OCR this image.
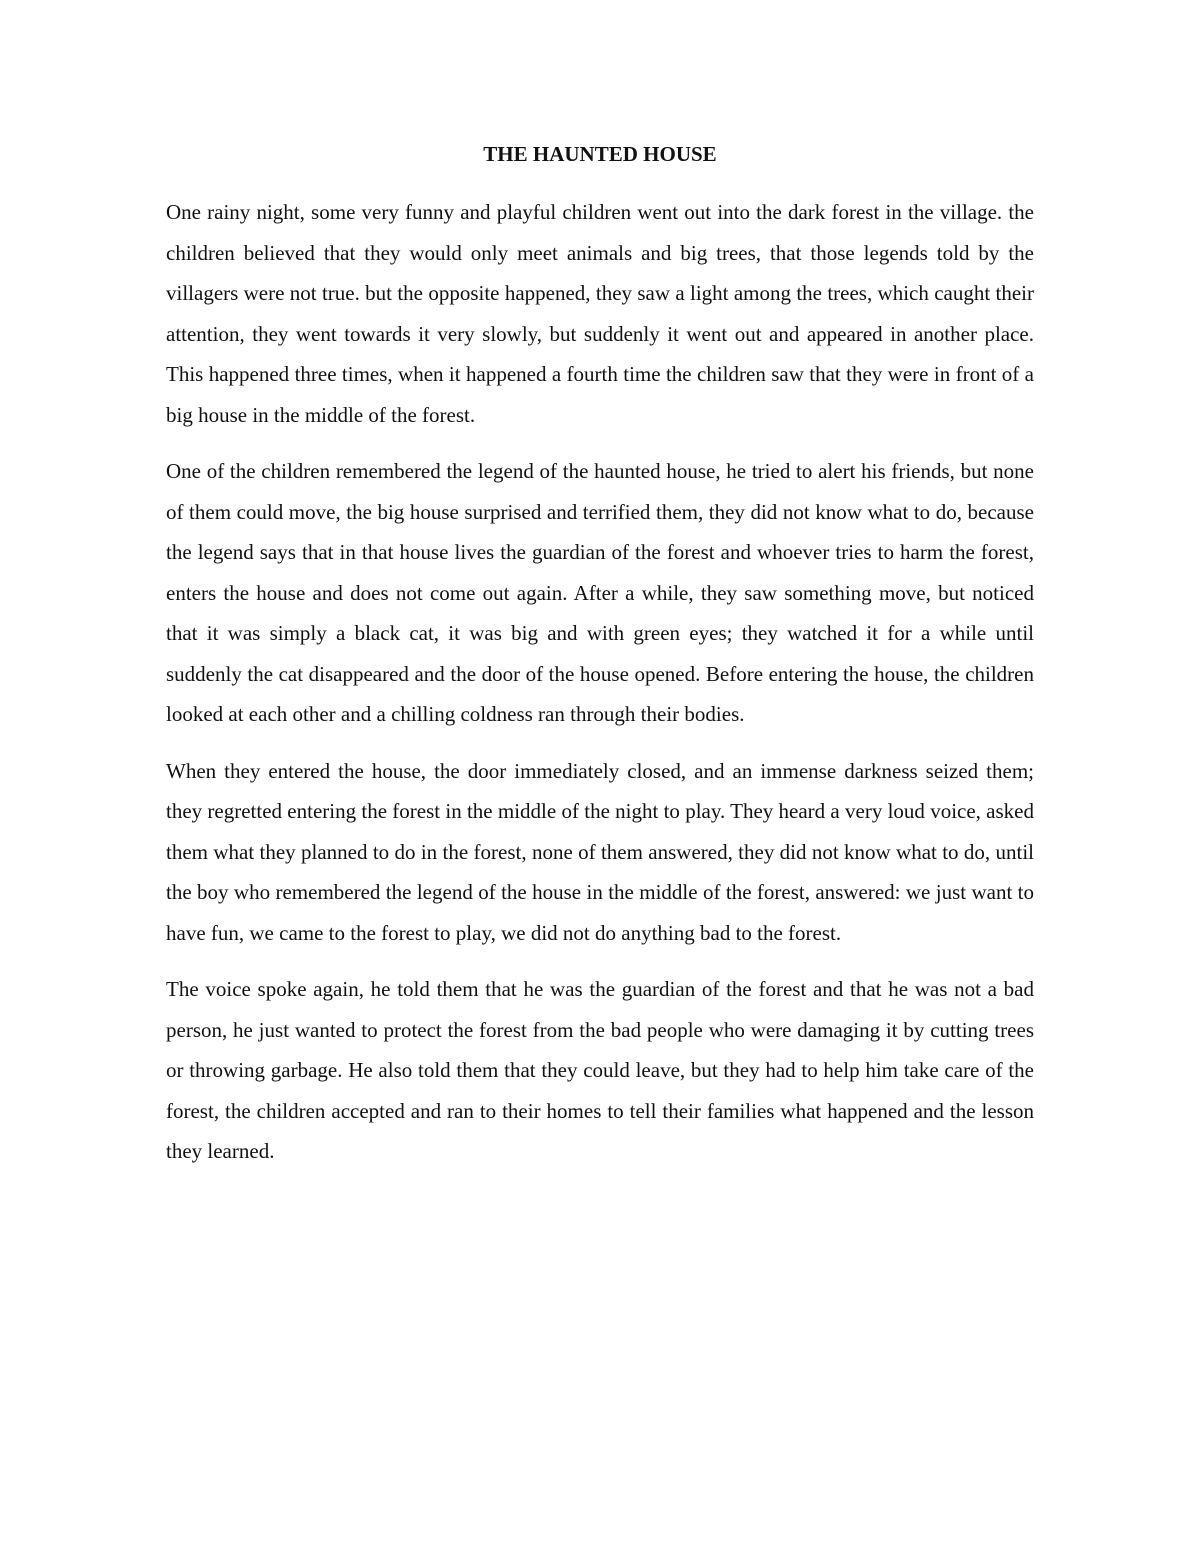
THE HAUNTED HOUSE

One rainy night, some very funny and playful children went out into the dark forest in the village. the children believed that they would only meet animals and big trees, that those legends told by the villagers were not true. but the opposite happened, they saw a light among the trees, which caught their attention, they went towards it very slowly, but suddenly it went out and appeared in another place. This happened three times, when it happened a fourth time the children saw that they were in front of a big house in the middle of the forest.

One of the children remembered the legend of the haunted house, he tried to alert his friends, but none of them could move, the big house surprised and terrified them, they did not know what to do, because the legend says that in that house lives the guardian of the forest and whoever tries to harm the forest, enters the house and does not come out again. After a while, they saw something move, but noticed that it was simply a black cat, it was big and with green eyes; they watched it for a while until suddenly the cat disappeared and the door of the house opened. Before entering the house, the children looked at each other and a chilling coldness ran through their bodies.

When they entered the house, the door immediately closed, and an immense darkness seized them; they regretted entering the forest in the middle of the night to play. They heard a very loud voice, asked them what they planned to do in the forest, none of them answered, they did not know what to do, until the boy who remembered the legend of the house in the middle of the forest, answered: we just want to have fun, we came to the forest to play, we did not do anything bad to the forest.

The voice spoke again, he told them that he was the guardian of the forest and that he was not a bad person, he just wanted to protect the forest from the bad people who were damaging it by cutting trees or throwing garbage. He also told them that they could leave, but they had to help him take care of the forest, the children accepted and ran to their homes to tell their families what happened and the lesson they learned.
